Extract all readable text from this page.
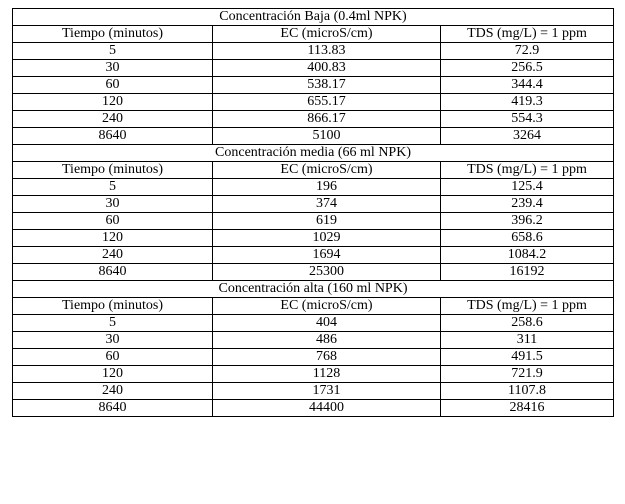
Concentración Baja (0.4ml NPK)		
Tiempo (minutos)	EC (microS/cm)	TDS (mg/L) = 1 ppm
5	113.83	72.9
30	400.83	256.5
60	538.17	344.4
120	655.17	419.3
240	866.17	554.3
8640	5100	3264
Concentración media (66 ml NPK)		
Tiempo (minutos)	EC (microS/cm)	TDS (mg/L) = 1 ppm
5	196	125.4
30	374	239.4
60	619	396.2
120	1029	658.6
240	1694	1084.2
8640	25300	16192
Concentración alta (160 ml NPK)		
Tiempo (minutos)	EC (microS/cm)	TDS (mg/L) = 1 ppm
5	404	258.6
30	486	311
60	768	491.5
120	1128	721.9
240	1731	1107.8
8640	44400	28416
